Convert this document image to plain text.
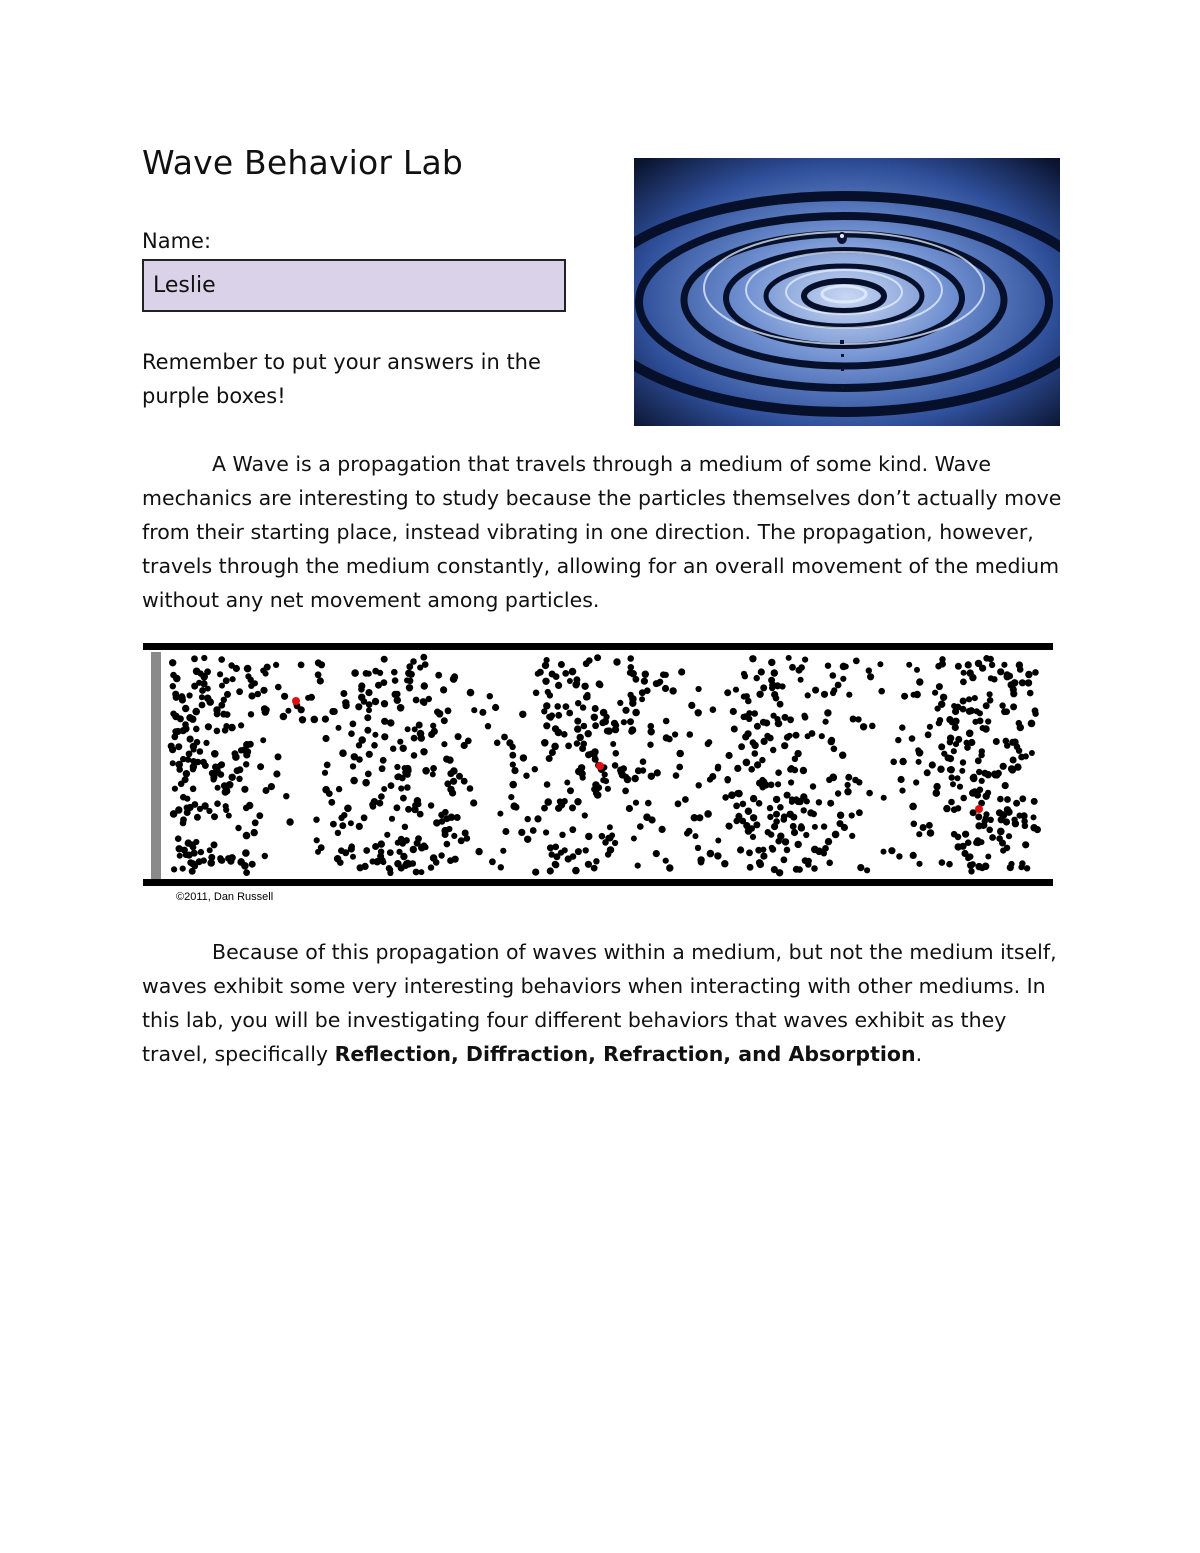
Wave Behavior Lab
Name:
Leslie
Remember to put your answers in the purple boxes!
A Wave is a propagation that travels through a medium of some kind. Wave mechanics are interesting to study because the particles themselves don’t actually move from their starting place, instead vibrating in one direction. The propagation, however, travels through the medium constantly, allowing for an overall movement of the medium without any net movement among particles.
©2011, Dan Russell
Because of this propagation of waves within a medium, but not the medium itself, waves exhibit some very interesting behaviors when interacting with other mediums. In this lab, you will be investigating four different behaviors that waves exhibit as they travel, specifically Reflection, Diffraction, Refraction, and Absorption.
